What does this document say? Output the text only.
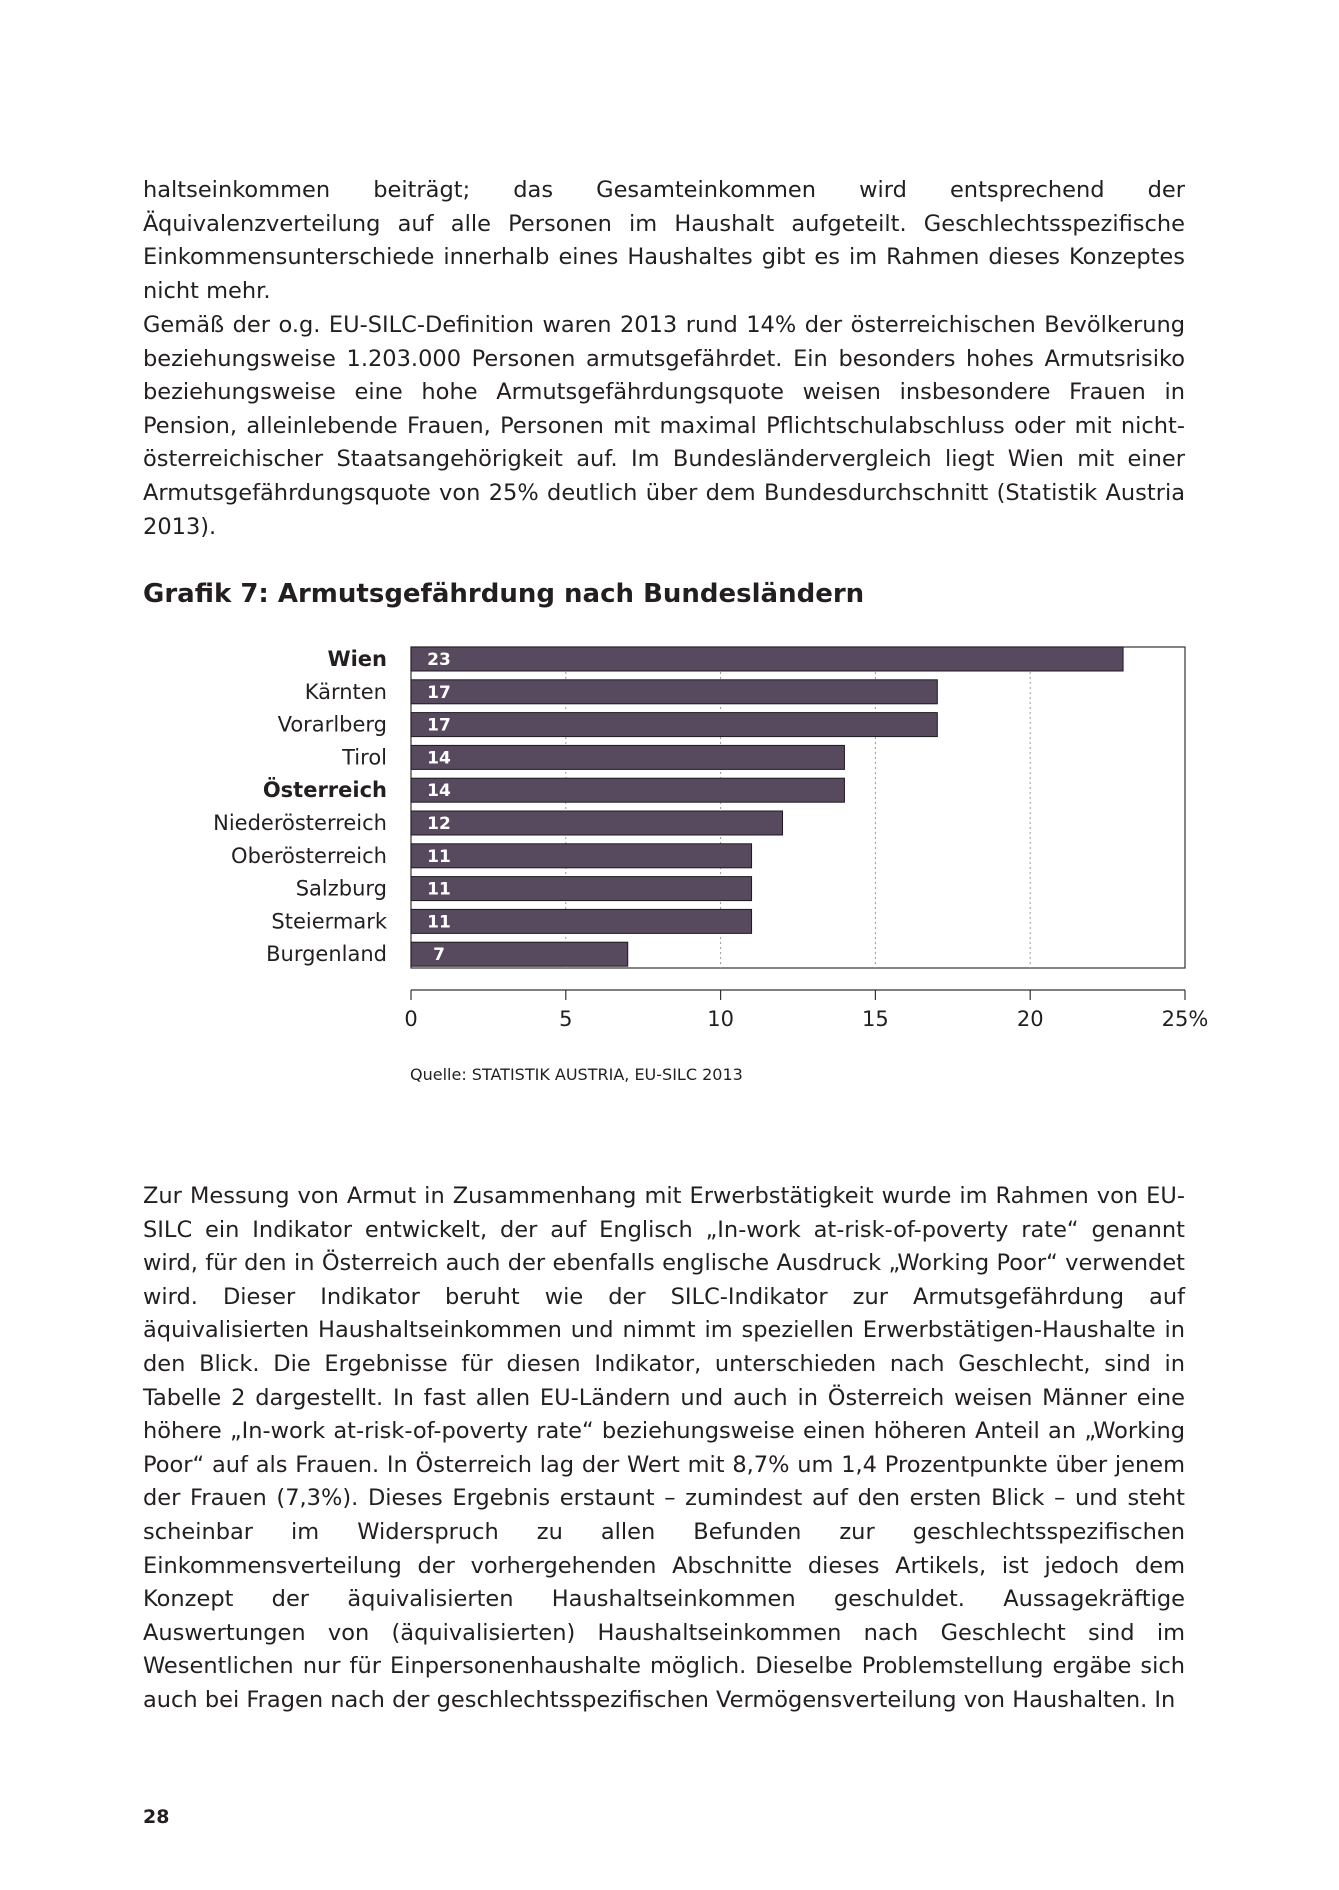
haltseinkommen beiträgt; das Gesamteinkommen wird entsprechend der Äquivalenzverteilung auf alle Personen im Haushalt aufgeteilt. Geschlechtsspezifische Einkommensunterschiede innerhalb eines Haushaltes gibt es im Rahmen dieses Konzeptes nicht mehr.

Gemäß der o.g. EU-SILC-Definition waren 2013 rund 14% der österreichischen Bevölkerung beziehungsweise 1.203.000 Personen armutsgefährdet. Ein besonders hohes Armutsrisiko beziehungsweise eine hohe Armutsgefährdungsquote weisen insbesondere Frauen in Pension, alleinlebende Frauen, Personen mit maximal Pflichtschulabschluss oder mit nicht-österreichischer Staatsangehörigkeit auf. Im Bundesländervergleich liegt Wien mit einer Armutsgefährdungsquote von 25% deutlich über dem Bundesdurchschnitt (Statistik Austria 2013).

Grafik 7: Armutsgefährdung nach Bundesländern
23
Wien
17
Kärnten
17
Vorarlberg
14
Tirol
14
Österreich
12
Niederösterreich
11
Oberösterreich
11
Salzburg
11
Steiermark
7
Burgenland
0	5	10	15	20	25%
Quelle: STATISTIK AUSTRIA, EU-SILC 2013

Zur Messung von Armut in Zusammenhang mit Erwerbstätigkeit wurde im Rahmen von EU-SILC ein Indikator entwickelt, der auf Englisch „In-work at-risk-of-poverty rate“ genannt wird, für den in Österreich auch der ebenfalls englische Ausdruck „Working Poor“ verwendet wird. Dieser Indikator beruht wie der SILC-Indikator zur Armutsgefährdung auf äquivalisierten Haushaltseinkommen und nimmt im speziellen Erwerbstätigen-Haushalte in den Blick. Die Ergebnisse für diesen Indikator, unterschieden nach Geschlecht, sind in Tabelle 2 dargestellt. In fast allen EU-Ländern und auch in Österreich weisen Männer eine höhere „In-work at-risk-of-poverty rate“ beziehungsweise einen höheren Anteil an „Working Poor“ auf als Frauen. In Österreich lag der Wert mit 8,7% um 1,4 Prozentpunkte über jenem der Frauen (7,3%). Dieses Ergebnis erstaunt – zumindest auf den ersten Blick – und steht scheinbar im Widerspruch zu allen Befunden zur geschlechtsspezifischen Einkommensverteilung der vorhergehenden Abschnitte dieses Artikels, ist jedoch dem Konzept der äquivalisierten Haushaltseinkommen geschuldet. Aussagekräftige Auswertungen von (äquivalisierten) Haushaltseinkommen nach Geschlecht sind im Wesentlichen nur für Einpersonenhaushalte möglich. Dieselbe Problemstellung ergäbe sich auch bei Fragen nach der geschlechtsspezifischen Vermögensverteilung von Haushalten. In

28
